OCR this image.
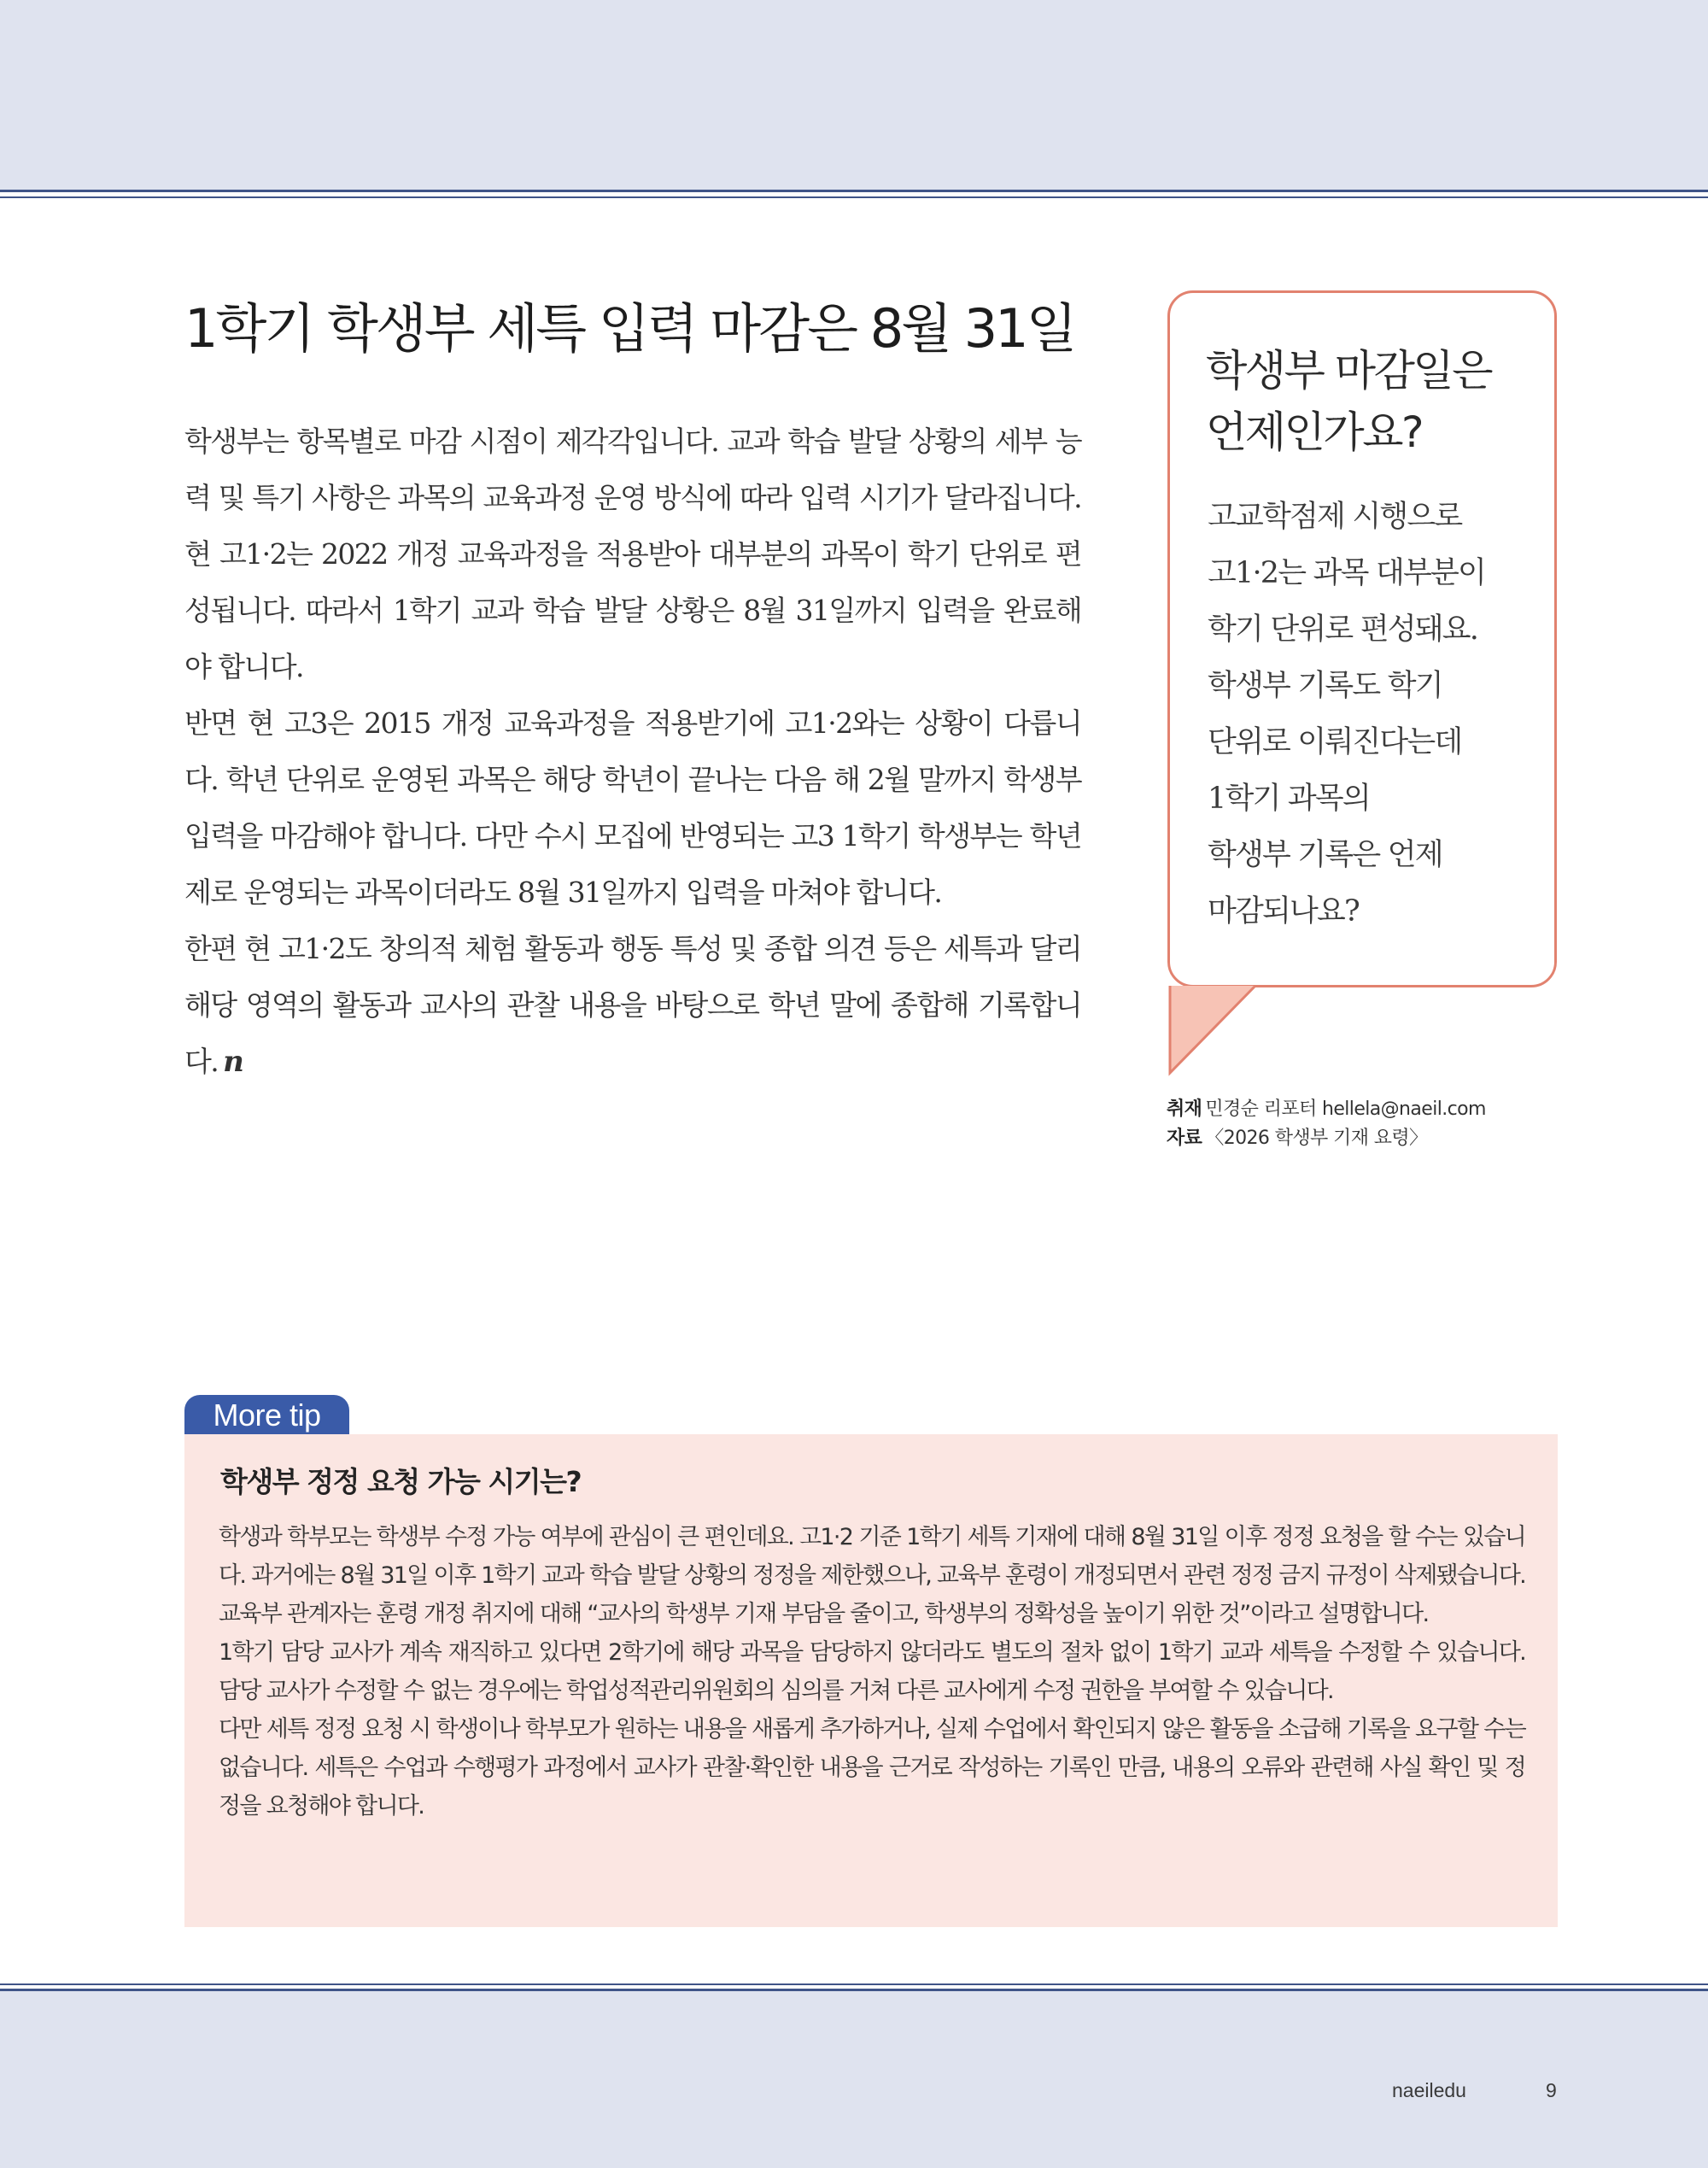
1학기 학생부 세특 입력 마감은 8월 31일

학생부는 항목별로 마감 시점이 제각각입니다. 교과 학습 발달 상황의 세부 능력 및 특기 사항은 과목의 교육과정 운영 방식에 따라 입력 시기가 달라집니다. 현 고1·2는 2022 개정 교육과정을 적용받아 대부분의 과목이 학기 단위로 편성됩니다. 따라서 1학기 교과 학습 발달 상황은 8월 31일까지 입력을 완료해야 합니다.

반면 현 고3은 2015 개정 교육과정을 적용받기에 고1·2와는 상황이 다릅니다. 학년 단위로 운영된 과목은 해당 학년이 끝나는 다음 해 2월 말까지 학생부 입력을 마감해야 합니다. 다만 수시 모집에 반영되는 고3 1학기 학생부는 학년제로 운영되는 과목이더라도 8월 31일까지 입력을 마쳐야 합니다.

한편 현 고1·2도 창의적 체험 활동과 행동 특성 및 종합 의견 등은 세특과 달리 해당 영역의 활동과 교사의 관찰 내용을 바탕으로 학년 말에 종합해 기록합니다. n

학생부 마감일은
언제인가요?
고교학점제 시행으로
고1·2는 과목 대부분이
학기 단위로 편성돼요.
학생부 기록도 학기
단위로 이뤄진다는데
1학기 과목의
학생부 기록은 언제
마감되나요?
취재 민경순 리포터 hellela@naeil.com
자료 〈2026 학생부 기재 요령〉
More tip
학생부 정정 요청 가능 시기는?

학생과 학부모는 학생부 수정 가능 여부에 관심이 큰 편인데요. 고1·2 기준 1학기 세특 기재에 대해 8월 31일 이후 정정 요청을 할 수는 있습니다. 과거에는 8월 31일 이후 1학기 교과 학습 발달 상황의 정정을 제한했으나, 교육부 훈령이 개정되면서 관련 정정 금지 규정이 삭제됐습니다. 교육부 관계자는 훈령 개정 취지에 대해 “교사의 학생부 기재 부담을 줄이고, 학생부의 정확성을 높이기 위한 것”이라고 설명합니다.

1학기 담당 교사가 계속 재직하고 있다면 2학기에 해당 과목을 담당하지 않더라도 별도의 절차 없이 1학기 교과 세특을 수정할 수 있습니다. 담당 교사가 수정할 수 없는 경우에는 학업성적관리위원회의 심의를 거쳐 다른 교사에게 수정 권한을 부여할 수 있습니다.

다만 세특 정정 요청 시 학생이나 학부모가 원하는 내용을 새롭게 추가하거나, 실제 수업에서 확인되지 않은 활동을 소급해 기록을 요구할 수는 없습니다. 세특은 수업과 수행평가 과정에서 교사가 관찰·확인한 내용을 근거로 작성하는 기록인 만큼, 내용의 오류와 관련해 사실 확인 및 정정을 요청해야 합니다.

naeiledu	9
